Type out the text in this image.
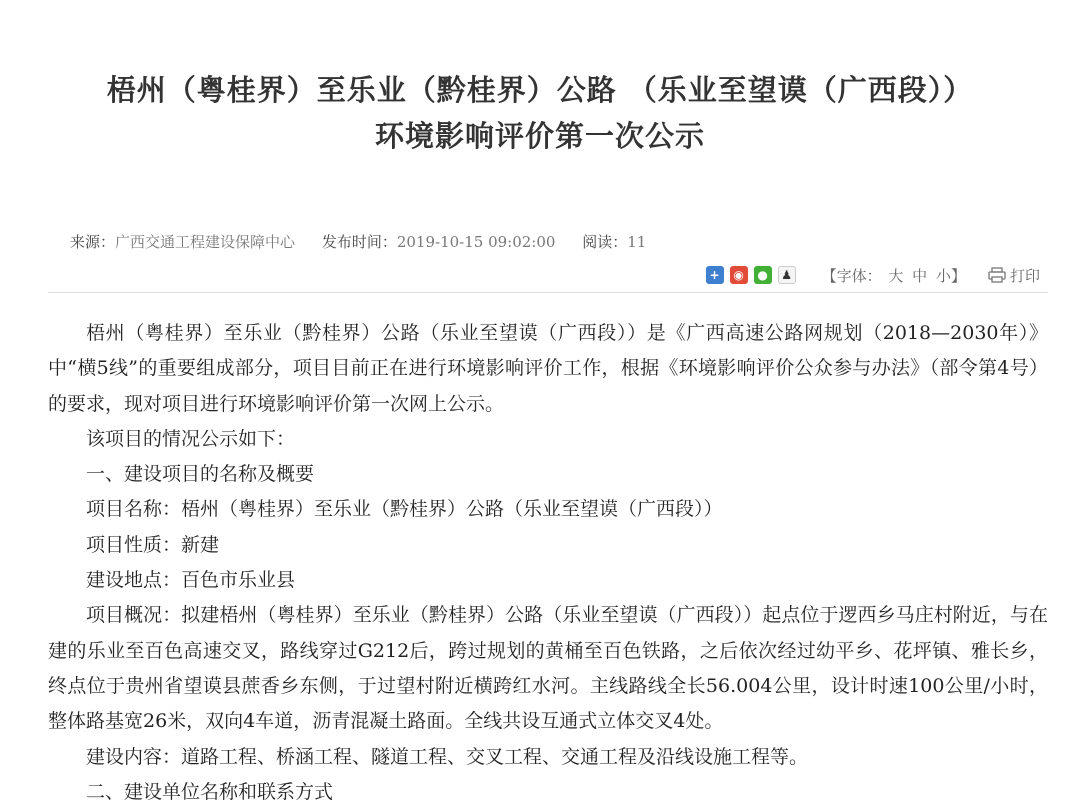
梧州（粤桂界）至乐业（黔桂界）公路 （乐业至望谟（广西段））
环境影响评价第一次公示
来源：广西交通工程建设保障中心 发布时间：2019-10-15 09:02:00 阅读：11
+	◉	●	♟ 【字体： 大 中 小】	打印

梧州（粤桂界）至乐业（黔桂界）公路（乐业至望谟（广西段））是《广西高速公路网规划（2018—2030年）》中“横5线”的重要组成部分，项目目前正在进行环境影响评价工作，根据《环境影响评价公众参与办法》（部令第4号）的要求，现对项目进行环境影响评价第一次网上公示。

该项目的情况公示如下：

一、建设项目的名称及概要

项目名称：梧州（粤桂界）至乐业（黔桂界）公路（乐业至望谟（广西段））

项目性质：新建

建设地点：百色市乐业县

项目概况：拟建梧州（粤桂界）至乐业（黔桂界）公路（乐业至望谟（广西段））起点位于逻西乡马庄村附近，与在建的乐业至百色高速交叉，路线穿过G212后，跨过规划的黄桶至百色铁路，之后依次经过幼平乡、花坪镇、雅长乡，终点位于贵州省望谟县蔗香乡东侧，于过望村附近横跨红水河。主线路线全长56.004公里，设计时速100公里/小时，整体路基宽26米，双向4车道，沥青混凝土路面。全线共设互通式立体交叉4处。

建设内容：道路工程、桥涵工程、隧道工程、交叉工程、交通工程及沿线设施工程等。

二、建设单位名称和联系方式
